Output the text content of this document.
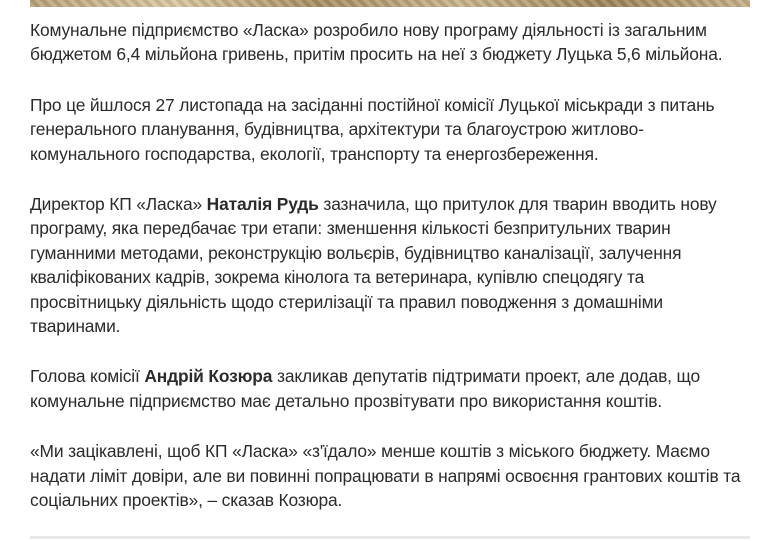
Комунальне підприємство «Ласка» розробило нову програму діяльності із загальним бюджетом 6,4 мільйона гривень, притім просить на неї з бюджету Луцька 5,6 мільйона.

Про це йшлося 27 листопада на засіданні постійної комісії Луцької міськради з питань генерального планування, будівництва, архітектури та благоустрою житлово-комунального господарства, екології, транспорту та енергозбереження.

Директор КП «Ласка» Наталія Рудь зазначила, що притулок для тварин вводить нову програму, яка передбачає три етапи: зменшення кількості безпритульних тварин гуманними методами, реконструкцію вольєрів, будівництво каналізації, залучення кваліфікованих кадрів, зокрема кінолога та ветеринара, купівлю спецодягу та просвітницьку діяльність щодо стерилізації та правил поводження з домашніми тваринами.

Голова комісії Андрій Козюра закликав депутатів підтримати проект, але додав, що комунальне підприємство має детально прозвітувати про використання коштів.

«Ми зацікавлені, щоб КП «Ласка» «з'їдало» менше коштів з міського бюджету. Маємо надати ліміт довіри, але ви повинні попрацювати в напрямі освоєння грантових коштів та соціальних проектів», – сказав Козюра.
